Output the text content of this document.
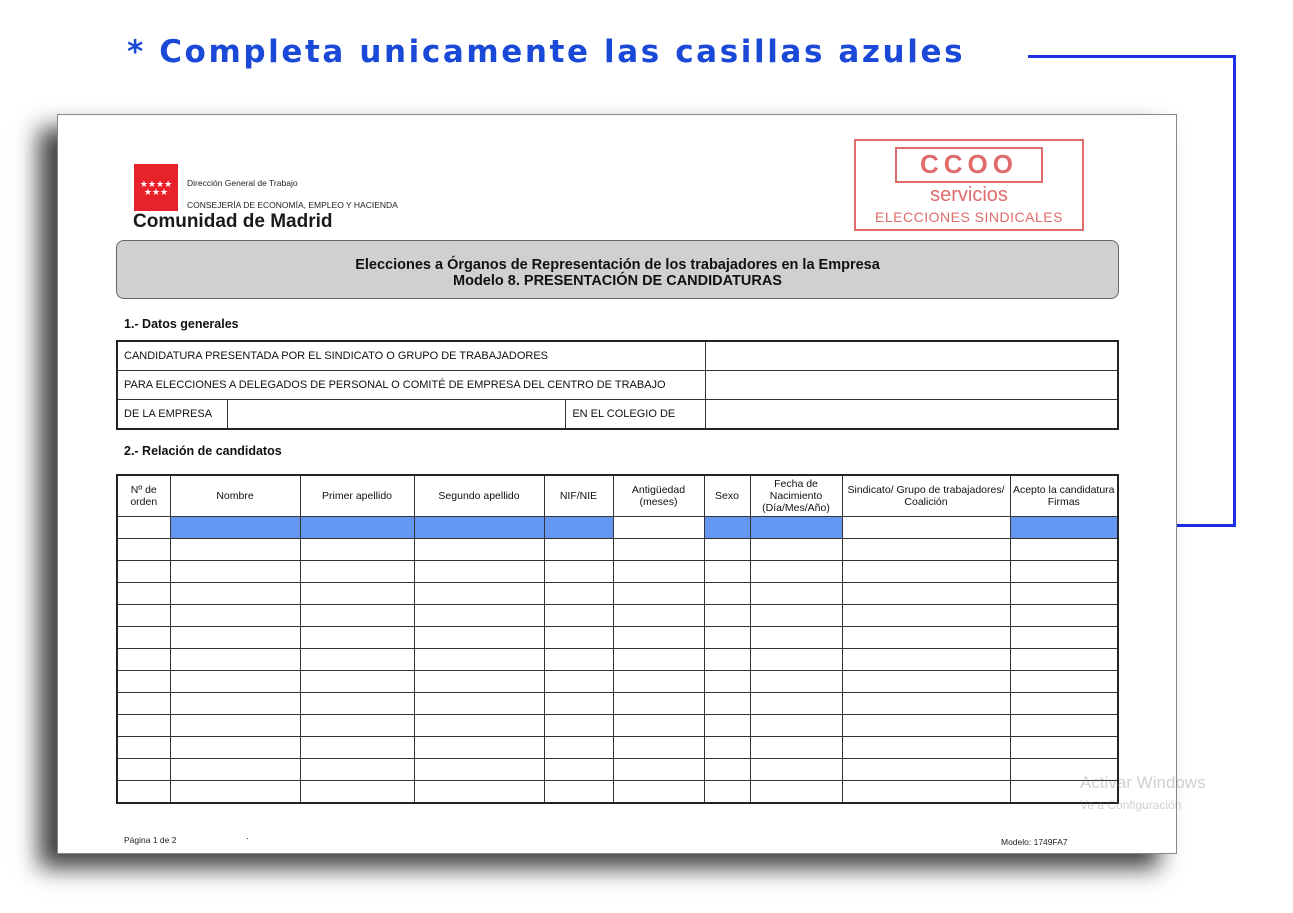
* Completa unicamente las casillas azules
★★★★
★★★
Dirección General de Trabajo
CONSEJERÍA DE ECONOMÍA, EMPLEO Y HACIENDA
Comunidad de Madrid
CCOO
servicios
ELECCIONES SINDICALES
Elecciones a Órganos de Representación de los trabajadores en la Empresa
Modelo 8. PRESENTACIÓN DE CANDIDATURAS
1.- Datos generales
CANDIDATURA PRESENTADA POR EL SINDICATO O GRUPO DE TRABAJADORES			
PARA ELECCIONES A DELEGADOS DE PERSONAL O COMITÉ DE EMPRESA DEL CENTRO DE TRABAJO			
DE LA EMPRESA		EN EL COLEGIO DE	
2.- Relación de candidatos
Nº de orden	Nombre	Primer apellido	Segundo apellido	NIF/NIE	Antigüedad (meses)	Sexo	Fecha de Nacimiento (Día/Mes/Año)	Sindicato/ Grupo de trabajadores/ Coalición	Acepto la candidatura Firmas

Página 1 de 2	·	Modelo: 1749FA7
Activar Windows
Ve a Configuración
